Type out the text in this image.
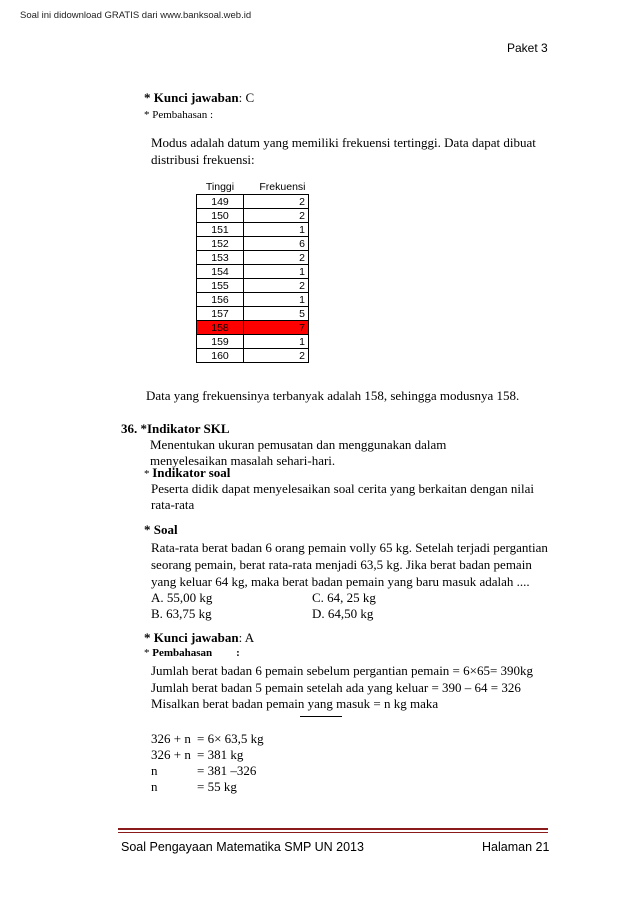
Soal ini didownload GRATIS dari www.banksoal.web.id
Paket 3
* Kunci jawaban: C
* Pembahasan :
Modus adalah datum yang memiliki frekuensi tertinggi. Data dapat dibuat
distribusi frekuensi:
Tinggi	Frekuensi
149	2
150	2
151	1
152	6
153	2
154	1
155	2
156	1
157	5
158	7
159	1
160	2
Data yang frekuensinya terbanyak adalah 158, sehingga modusnya 158.
36. *Indikator SKL
Menentukan ukuran pemusatan dan menggunakan dalam
menyelesaikan masalah sehari-hari.
* Indikator soal
Peserta didik dapat menyelesaikan soal cerita yang berkaitan dengan nilai
rata-rata
* Soal
Rata-rata berat badan 6 orang pemain volly 65 kg. Setelah terjadi pergantian
seorang pemain, berat rata-rata menjadi 63,5 kg. Jika berat badan pemain
yang keluar 64 kg, maka berat badan pemain yang baru masuk adalah ....
A. 55,00 kg	C. 64, 25 kg
B. 63,75 kg	D. 64,50 kg
* Kunci jawaban: A
* Pembahasan :
Jumlah berat badan 6 pemain sebelum pergantian pemain = 6×65= 390kg
Jumlah berat badan 5 pemain setelah ada yang keluar = 390 – 64 = 326
Misalkan berat badan pemain yang masuk = n kg maka
326 + n = 6× 63,5 kg
326 + n = 381 kg
n	= 381 –326
n	= 55 kg
Soal Pengayaan Matematika SMP UN 2013	Halaman 21
